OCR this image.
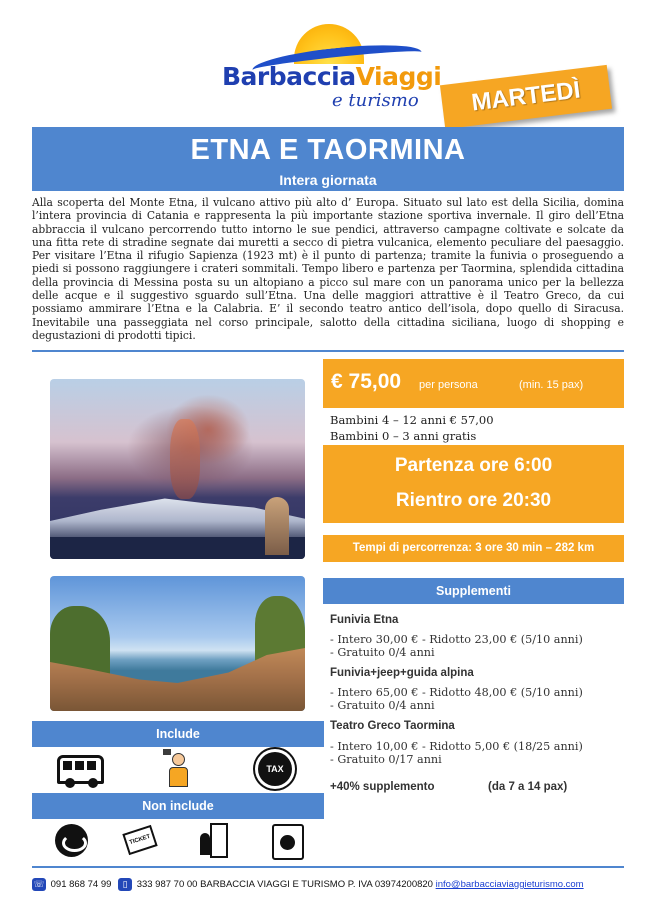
BarbacciaViaggi
e turismo	MARTEDÌ
ETNA E TAORMINA
Intera giornata

Alla scoperta del Monte Etna, il vulcano attivo più alto d’ Europa. Situato sul lato est della Sicilia, domina l’intera provincia di Catania e rappresenta la più importante stazione sportiva invernale. Il giro dell’Etna abbraccia il vulcano percorrendo tutto intorno le sue pendici, attraverso campagne coltivate e solcate da una fitta rete di stradine segnate dai muretti a secco di pietra vulcanica, elemento peculiare del paesaggio. Per visitare l’Etna il rifugio Sapienza (1923 mt) è il punto di partenza; tramite la funivia o proseguendo a piedi si possono raggiungere i crateri sommitali. Tempo libero e partenza per Taormina, splendida cittadina della provincia di Messina posta su un altopiano a picco sul mare con un panorama unico per la bellezza delle acque e il suggestivo sguardo sull’Etna. Una delle maggiori attrattive è il Teatro Greco, da cui possiamo ammirare l’Etna e la Calabria. E’ il secondo teatro antico dell’isola, dopo quello di Siracusa. Inevitabile una passeggiata nel corso principale, salotto della cittadina siciliana, luogo di shopping e degustazioni di prodotti tipici.

€ 75,00 per persona	(min. 15 pax)
Bambini 4 – 12 anni € 57,00
Bambini 0 – 3 anni gratis
Partenza ore 6:00
Rientro ore 20:30
Tempi di percorrenza: 3 ore 30 min – 282 km
Supplementi
Funivia Etna
- Intero 30,00 € - Ridotto 23,00 € (5/10 anni)
- Gratuito 0/4 anni
Funivia+jeep+guida alpina
- Intero 65,00 € - Ridotto 48,00 € (5/10 anni)
- Gratuito 0/4 anni
Teatro Greco Taormina
- Intero 10,00 € - Ridotto 5,00 € (18/25 anni)
- Gratuito 0/17 anni
+40% supplemento	(da 7 a 14 pax)
Include
TAX
Non include
TICKET
☏ 091 868 74 99 ▯ 333 987 70 00 BARBACCIA VIAGGI E TURISMO P. IVA 03974200820 info@barbacciaviaggieturismo.com
